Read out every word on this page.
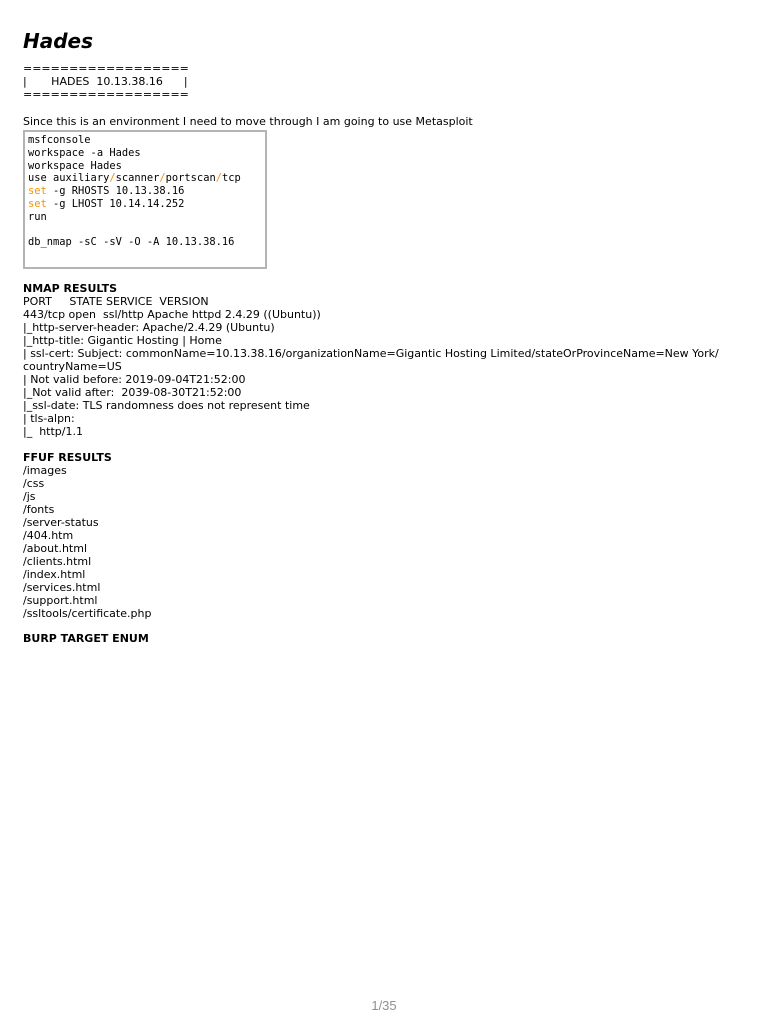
Hades
==================
|       HADES  10.13.38.16      |
==================
Since this is an environment I need to move through I am going to use Metasploit
msfconsole
workspace -a Hades
workspace Hades
use auxiliary/scanner/portscan/tcp
set -g RHOSTS 10.13.38.16
set -g LHOST 10.14.14.252
run
db_nmap -sC -sV -O -A 10.13.38.16
NMAP RESULTS
PORT     STATE SERVICE  VERSION
443/tcp open  ssl/http Apache httpd 2.4.29 ((Ubuntu))
|_http-server-header: Apache/2.4.29 (Ubuntu)
|_http-title: Gigantic Hosting | Home
| ssl-cert: Subject: commonName=10.13.38.16/organizationName=Gigantic Hosting Limited/stateOrProvinceName=New York/
countryName=US
| Not valid before: 2019-09-04T21:52:00
|_Not valid after:  2039-08-30T21:52:00
|_ssl-date: TLS randomness does not represent time
| tls-alpn:
|_  http/1.1
FFUF RESULTS
/images
/css
/js
/fonts
/server-status
/404.htm
/about.html
/clients.html
/index.html
/services.html
/support.html
/ssltools/certificate.php
BURP TARGET ENUM
1/35
